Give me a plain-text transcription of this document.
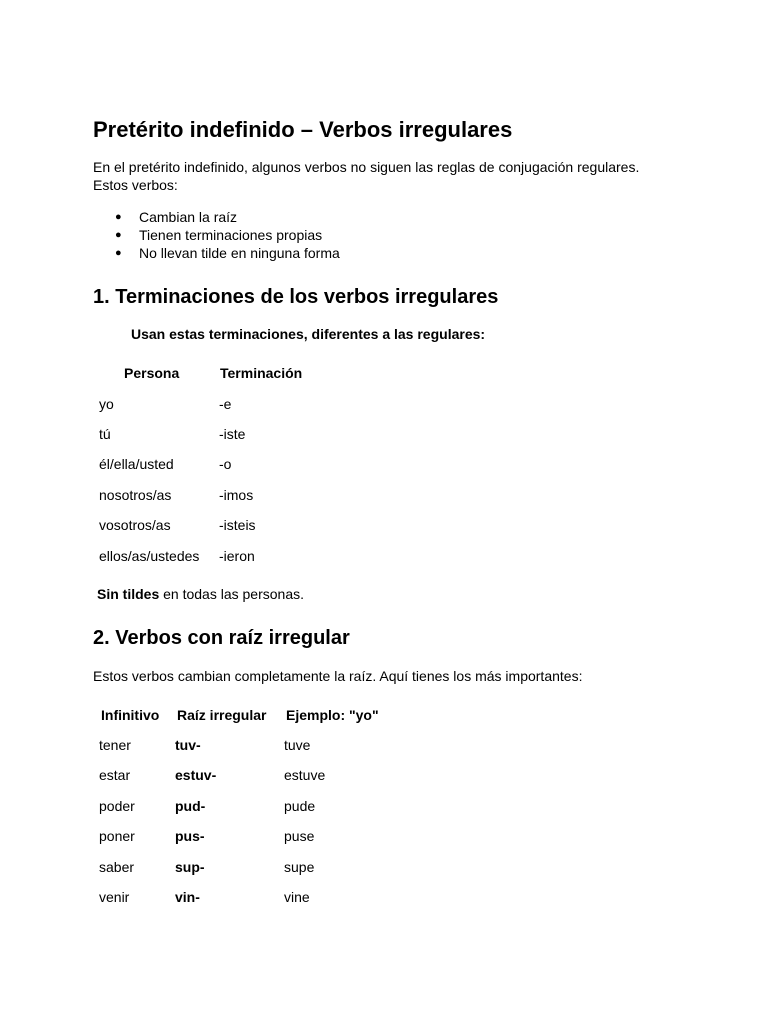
Pretérito indefinido – Verbos irregulares
En el pretérito indefinido, algunos verbos no siguen las reglas de conjugación regulares.
Estos verbos:
● Cambian la raíz
● Tienen terminaciones propias
● No llevan tilde en ninguna forma
1. Terminaciones de los verbos irregulares
Usan estas terminaciones, diferentes a las regulares:
Persona	Terminación
yo	-e
tú	-iste
él/ella/usted	-o
nosotros/as	-imos
vosotros/as	-isteis
ellos/as/ustedes -ieron
Sin tildes en todas las personas.
2. Verbos con raíz irregular
Estos verbos cambian completamente la raíz. Aquí tienes los más importantes:
Infinitivo Raíz irregular Ejemplo: "yo"
tener	tuv-	tuve
estar	estuv-	estuve
poder	pud-	pude
poner	pus-	puse
saber	sup-	supe
venir	vin-	vine
